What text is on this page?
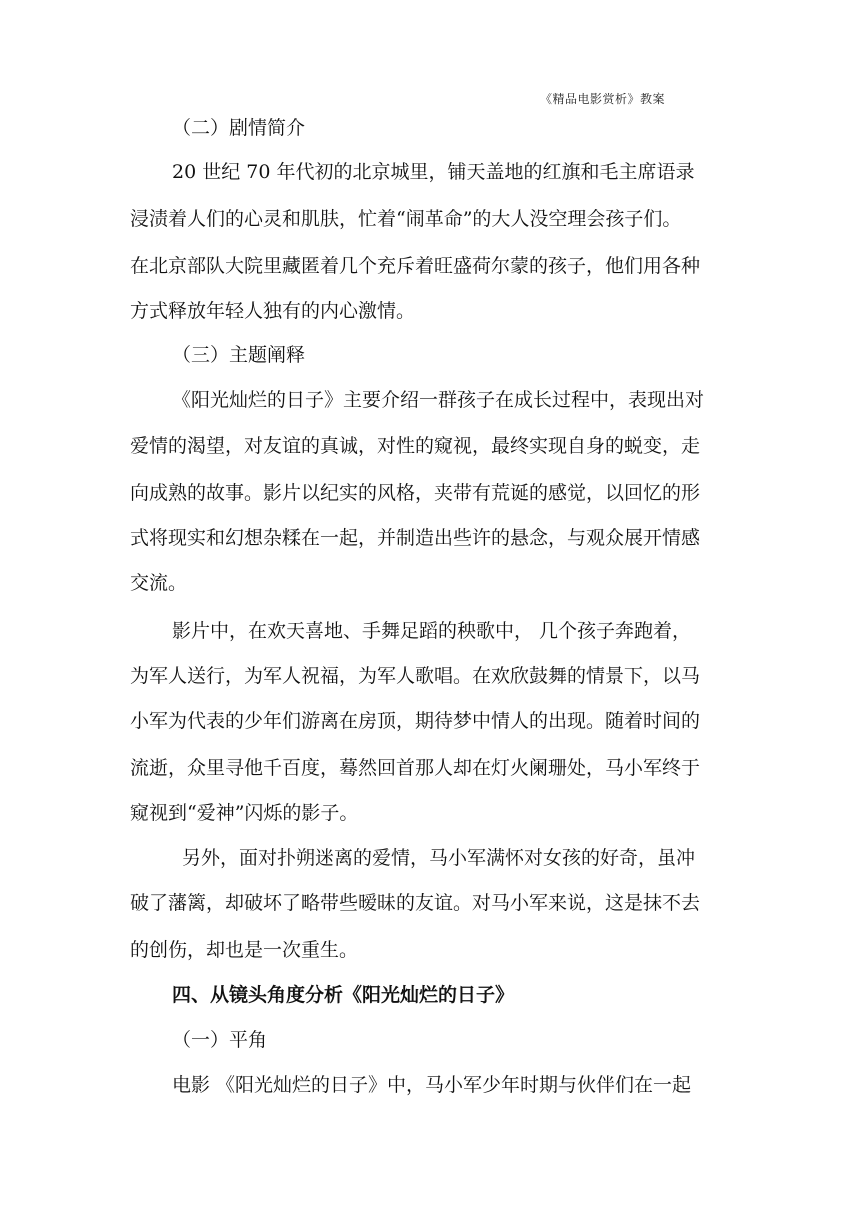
《精品电影赏析》教案
（二）剧情简介
20 世纪 70 年代初的北京城里，铺天盖地的红旗和毛主席语录
浸渍着人们的心灵和肌肤，忙着“闹革命”的大人没空理会孩子们。
在北京部队大院里藏匿着几个充斥着旺盛荷尔蒙的孩子，他们用各种
方式释放年轻人独有的内心激情。
（三）主题阐释
《阳光灿烂的日子》主要介绍一群孩子在成长过程中，表现出对
爱情的渴望，对友谊的真诚，对性的窥视，最终实现自身的蜕变，走
向成熟的故事。影片以纪实的风格，夹带有荒诞的感觉，以回忆的形
式将现实和幻想杂糅在一起，并制造出些许的悬念，与观众展开情感
交流。
影片中，在欢天喜地、手舞足蹈的秧歌中， 几个孩子奔跑着，
为军人送行，为军人祝福，为军人歌唱。在欢欣鼓舞的情景下，以马
小军为代表的少年们游离在房顶，期待梦中情人的出现。随着时间的
流逝，众里寻他千百度，蓦然回首那人却在灯火阑珊处，马小军终于
窥视到“爱神”闪烁的影子。
另外，面对扑朔迷离的爱情，马小军满怀对女孩的好奇，虽冲
破了藩篱，却破坏了略带些暧昧的友谊。对马小军来说，这是抹不去
的创伤，却也是一次重生。
四、从镜头角度分析《阳光灿烂的日子》
（一）平角
电影 《阳光灿烂的日子》中，马小军少年时期与伙伴们在一起
